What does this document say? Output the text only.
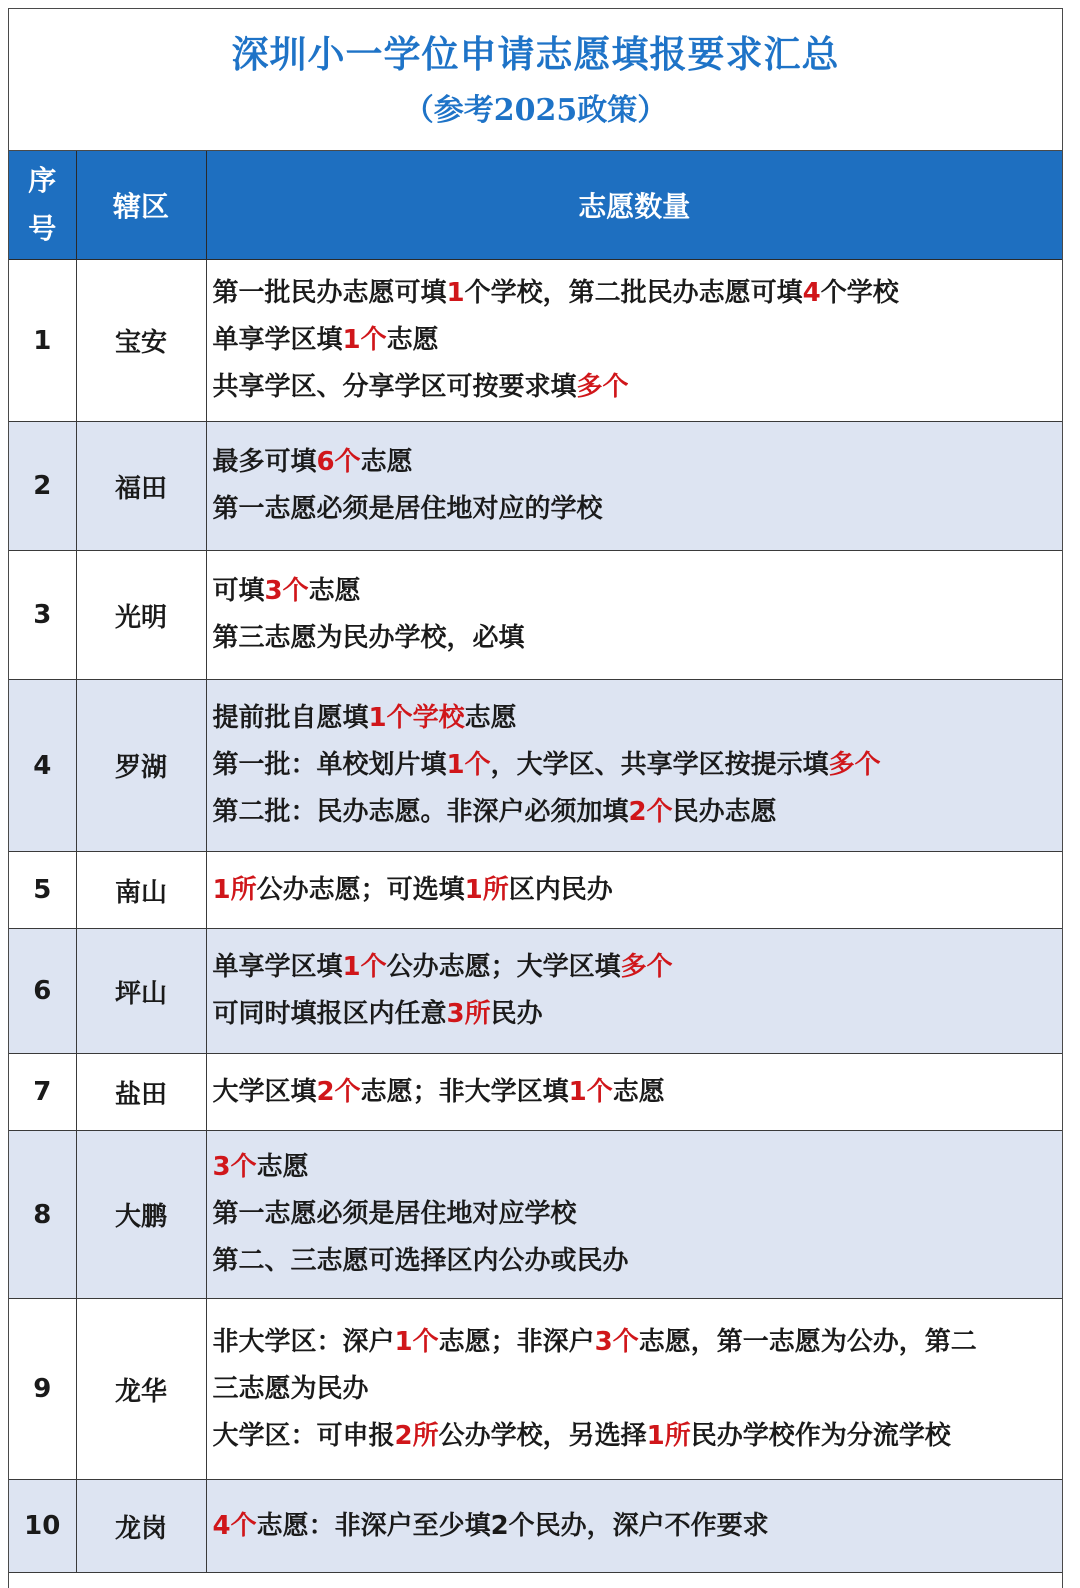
深圳小一学位申请志愿填报要求汇总
（参考2025政策）
序
号	辖区	志愿数量
1	宝安	第一批民办志愿可填1个学校，第二批民办志愿可填4个学校
单享学区填1个志愿
共享学区、分享学区可按要求填多个

2	福田	最多可填6个志愿
第一志愿必须是居住地对应的学校

3	光明	可填3个志愿
第三志愿为民办学校，必填

4	罗湖	提前批自愿填1个学校志愿
第一批：单校划片填1个，大学区、共享学区按提示填多个
第二批：民办志愿。非深户必须加填2个民办志愿

5	南山	1所公办志愿；可选填1所区内民办

6	坪山	单享学区填1个公办志愿；大学区填多个
可同时填报区内任意3所民办

7	盐田	大学区填2个志愿；非大学区填1个志愿

8	大鹏	3个志愿
第一志愿必须是居住地对应学校
第二、三志愿可选择区内公办或民办

9	龙华	非大学区：深户1个志愿；非深户3个志愿，第一志愿为公办，第二
三志愿为民办
大学区：可申报2所公办学校，另选择1所民办学校作为分流学校

10	龙岗	4个志愿：非深户至少填2个民办，深户不作要求
